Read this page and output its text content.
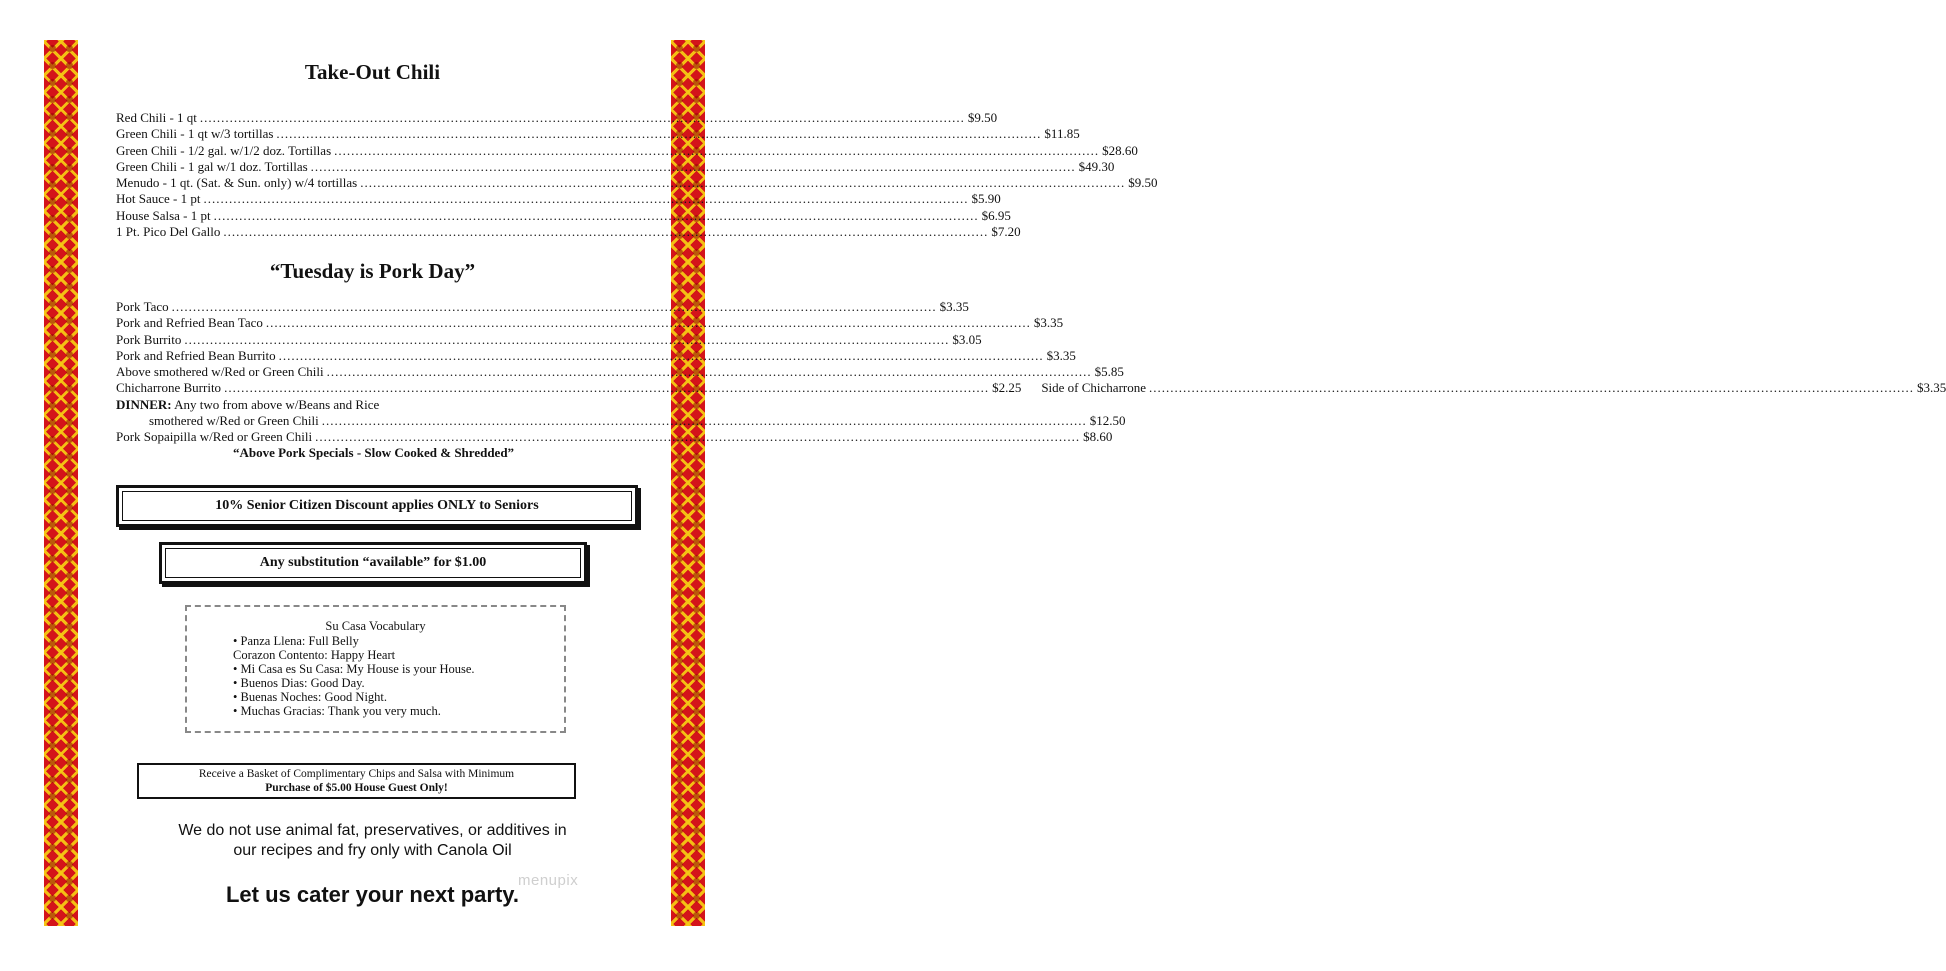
Take-Out Chili
Red Chili - 1 qt .....	$9.50
Green Chili - 1 qt w/3 tortillas .....	$11.85
Green Chili - 1/2 gal. w/1/2 doz. Tortillas .....	$28.60
Green Chili - 1 gal w/1 doz. Tortillas .....	$49.30
Menudo - 1 qt. (Sat. & Sun. only) w/4 tortillas .....	$9.50
Hot Sauce - 1 pt .....	$5.90
House Salsa - 1 pt .....	$6.95
1 Pt. Pico Del Gallo .....	$7.20
“Tuesday is Pork Day”
Pork Taco .....	$3.35
Pork and Refried Bean Taco .....	$3.35
Pork Burrito .....	$3.05
Pork and Refried Bean Burrito .....	$3.35
Above smothered w/Red or Green Chili .....	$5.85
Chicharrone Burrito .....	$2.25 Side of Chicharrone .....	$3.35
DINNER: Any two from above w/Beans and Rice
smothered w/Red or Green Chili .....	$12.50
Pork Sopaipilla w/Red or Green Chili .....	$8.60
“Above Pork Specials - Slow Cooked & Shredded”
10% Senior Citizen Discount applies ONLY to Seniors
Any substitution “available” for $1.00
Su Casa Vocabulary
• Panza Llena: Full Belly
Corazon Contento: Happy Heart
• Mi Casa es Su Casa: My House is your House.
• Buenos Dias: Good Day.
• Buenas Noches: Good Night.
• Muchas Gracias: Thank you very much.
Receive a Basket of Complimentary Chips and Salsa with Minimum
Purchase of $5.00 House Guest Only!
We do not use animal fat, preservatives, or additives in
our recipes and fry only with Canola Oil
Let us cater your next party.
menupix
